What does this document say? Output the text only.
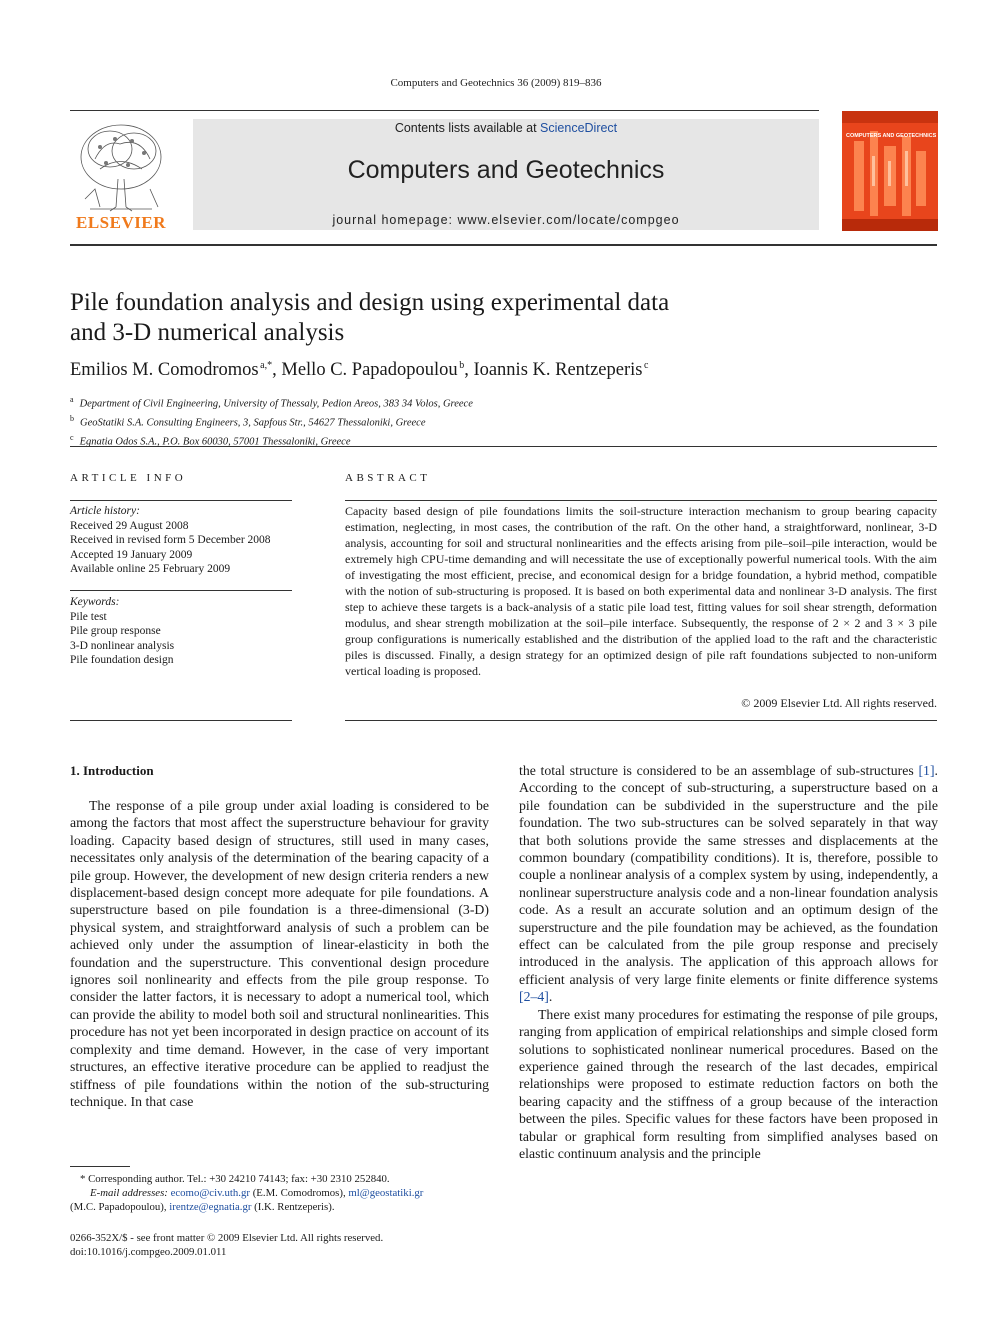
Computers and Geotechnics 36 (2009) 819–836
ELSEVIER
Contents lists available at ScienceDirect
Computers and Geotechnics
journal homepage: www.elsevier.com/locate/compgeo
COMPUTERS AND GEOTECHNICS
Pile foundation analysis and design using experimental data
and 3-D numerical analysis
Emilios M. Comodromos  $^{a,*}$, Mello C. Papadopoulou  $^b$, Ioannis K. Rentzeperis  $^c$
$^a$ Department of Civil Engineering, University of Thessaly, Pedion Areos, 383 34 Volos, Greece
$^b$ GeoStatiki S.A. Consulting Engineers, 3, Sapfous Str., 54627 Thessaloniki, Greece
$^c$ Egnatia Odos S.A., P.O. Box 60030, 57001 Thessaloniki, Greece
ARTICLE INFO
Article history:
Received 29 August 2008
Received in revised form 5 December 2008
Accepted 19 January 2009
Available online 25 February 2009
Keywords:
Pile test
Pile group response
3-D nonlinear analysis
Pile foundation design
ABSTRACT
Capacity based design of pile foundations limits the soil-structure interaction mechanism to group bearing capacity estimation, neglecting, in most cases, the contribution of the raft. On the other hand, a straightforward, nonlinear, 3-D analysis, accounting for soil and structural nonlinearities and the effects arising from pile–soil–pile interaction, would be extremely high CPU-time demanding and will necessitate the use of exceptionally powerful numerical tools. With the aim of investigating the most efficient, precise, and economical design for a bridge foundation, a hybrid method, compatible with the notion of sub-structuring is proposed. It is based on both experimental data and nonlinear 3-D analysis. The first step to achieve these targets is a back-analysis of a static pile load test, fitting values for soil shear strength, deformation modulus, and shear strength mobilization at the soil–pile interface. Subsequently, the response of 2 × 2 and 3 × 3 pile group configurations is numerically established and the distribution of the applied load to the raft and the characteristic piles is discussed. Finally, a design strategy for an optimized design of pile raft foundations subjected to non-uniform vertical loading is proposed.
© 2009 Elsevier Ltd. All rights reserved.
1. Introduction

The response of a pile group under axial loading is considered to be among the factors that most affect the superstructure behaviour for gravity loading. Capacity based design of structures, still used in many cases, necessitates only analysis of the determination of the bearing capacity of a pile group. However, the development of new design criteria renders a new displacement-based design concept more adequate for pile foundations. A superstructure based on pile foundation is a three-dimensional (3-D) physical system, and straightforward analysis of such a problem can be achieved only under the assumption of linear-elasticity in both the foundation and the superstructure. This conventional design procedure ignores soil nonlinearity and effects from the pile group response. To consider the latter factors, it is necessary to adopt a numerical tool, which can provide the ability to model both soil and structural nonlinearities. This procedure has not yet been incorporated in design practice on account of its complexity and time demand. However, in the case of very important structures, an effective iterative procedure can be applied to readjust the stiffness of pile foundations within the notion of the sub-structuring technique. In that case

the total structure is considered to be an assemblage of sub-structures [1]. According to the concept of sub-structuring, a superstructure based on a pile foundation can be subdivided in the superstructure and the pile foundation. The two sub-structures can be solved separately in that way that both solutions provide the same stresses and displacements at the common boundary (compatibility conditions). It is, therefore, possible to couple a nonlinear analysis of a complex system by using, independently, a nonlinear superstructure analysis code and a non-linear foundation analysis code. As a result an accurate solution and an optimum design of the superstructure and the pile foundation may be achieved, as the foundation effect can be calculated from the pile group response and precisely introduced in the analysis. The application of this approach allows for efficient analysis of very large finite elements or finite difference systems [2–4].

There exist many procedures for estimating the response of pile groups, ranging from application of empirical relationships and simple closed form solutions to sophisticated nonlinear numerical procedures. Based on the experience gained through the research of the last decades, empirical relationships were proposed to estimate reduction factors on both the bearing capacity and the stiffness of a group because of the interaction between the piles. Specific values for these factors have been proposed in tabular or graphical form resulting from simplified analyses based on elastic continuum analysis and the principle

* Corresponding author. Tel.: +30 24210 74143; fax: +30 2310 252840.
E-mail addresses: ecomo@civ.uth.gr (E.M. Comodromos), ml@geostatiki.gr
(M.C. Papadopoulou), irentze@egnatia.gr (I.K. Rentzeperis).
0266-352X/$ - see front matter © 2009 Elsevier Ltd. All rights reserved.
doi:10.1016/j.compgeo.2009.01.011
